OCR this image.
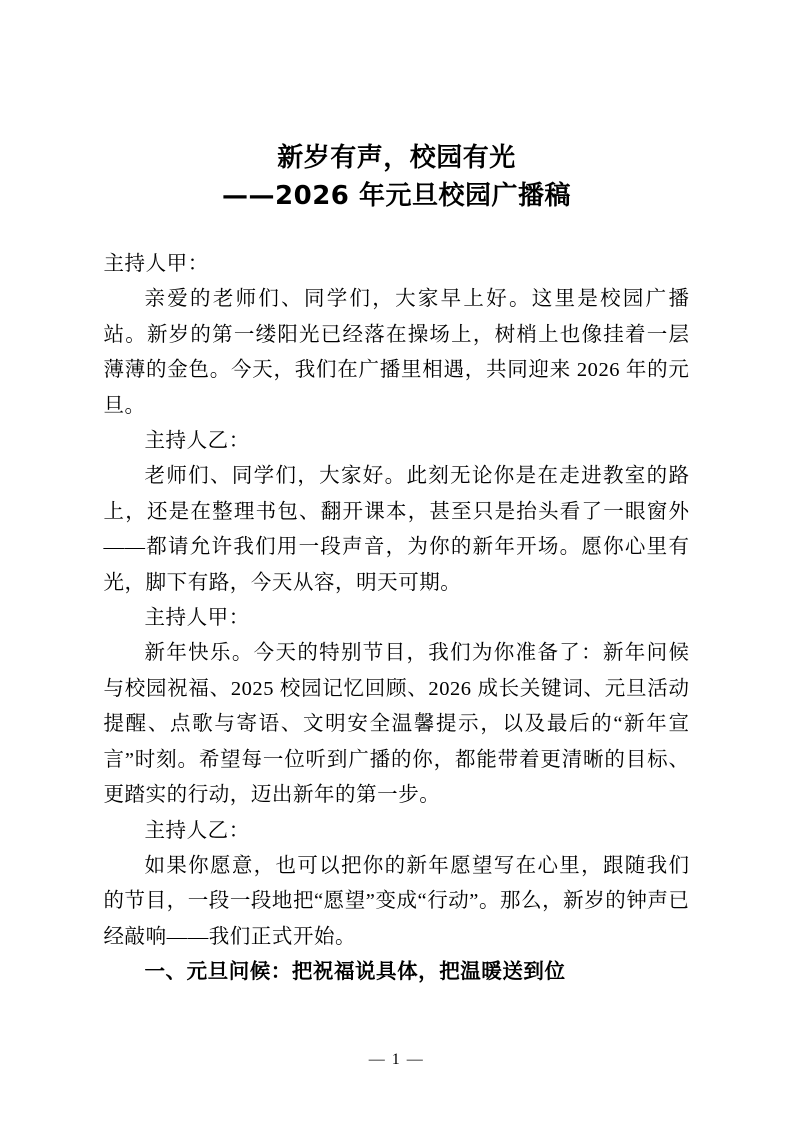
新岁有声，校园有光
——2026 年元旦校园广播稿

主持人甲：

亲爱的老师们、同学们，大家早上好。这里是校园广播站。新岁的第一缕阳光已经落在操场上，树梢上也像挂着一层薄薄的金色。今天，我们在广播里相遇，共同迎来 2026 年的元旦。

主持人乙：

老师们、同学们，大家好。此刻无论你是在走进教室的路上，还是在整理书包、翻开课本，甚至只是抬头看了一眼窗外——都请允许我们用一段声音，为你的新年开场。愿你心里有光，脚下有路，今天从容，明天可期。

主持人甲：

新年快乐。今天的特别节目，我们为你准备了：新年问候与校园祝福、2025 校园记忆回顾、2026 成长关键词、元旦活动提醒、点歌与寄语、文明安全温馨提示，以及最后的“新年宣言”时刻。希望每一位听到广播的你，都能带着更清晰的目标、更踏实的行动，迈出新年的第一步。

主持人乙：

如果你愿意，也可以把你的新年愿望写在心里，跟随我们的节目，一段一段地把“愿望”变成“行动”。那么，新岁的钟声已经敲响——我们正式开始。

一、元旦问候：把祝福说具体，把温暖送到位

— 1 —
